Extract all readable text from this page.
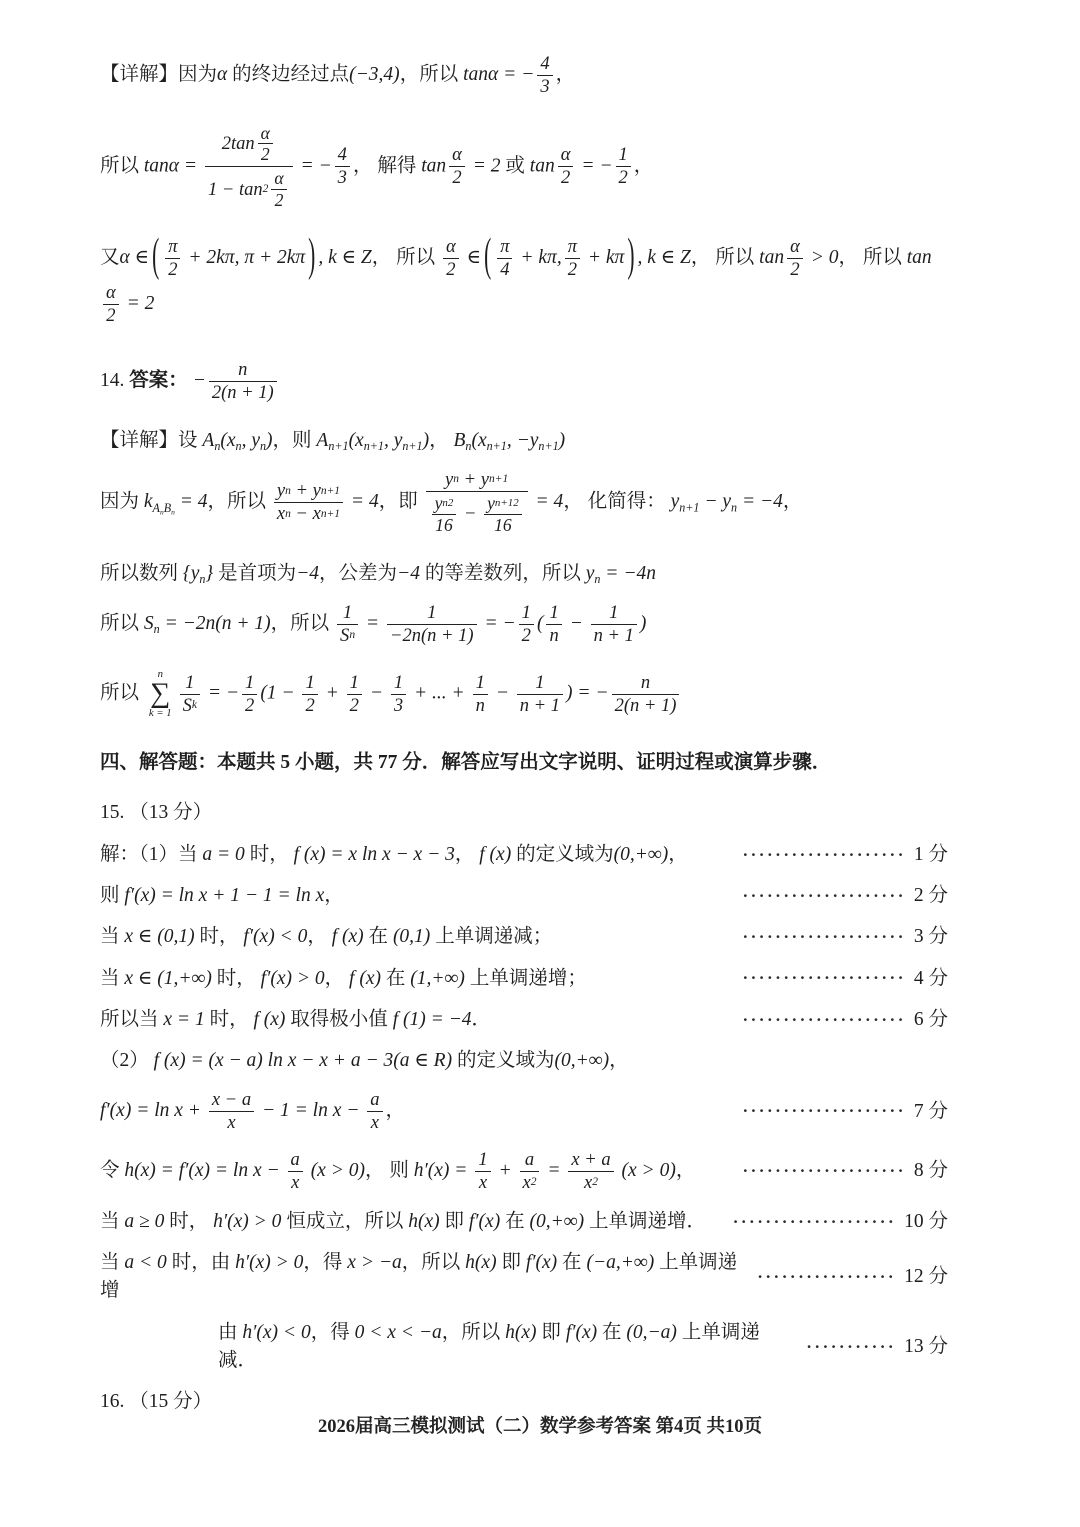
【详解】因为α 的终边经过点(−3,4)，所以 tanα = − $\frac{4}{3}$ ，
所以 $\tan\alpha = \frac{2\tan \frac{\alpha}{2}}{1 - \tan 2 \frac{\alpha}{2}}$ = − $\frac{4}{3}$ ， 解得 $\tan \frac{\alpha}{2} = 2$ 或 $\tan \frac{\alpha}{2}$ = − $\frac{1}{2}$ ，
又α ∈ ( $\frac{\pi}{2} + 2k\pi$, π + 2kπ ) , k ∈ Z， 所以 $\frac{\alpha}{2}$ ∈ ( $\frac{\pi}{4} + k\pi$, $\frac{\pi}{2} + k\pi$ ) , k ∈ Z， 所以 $\tan \frac{\alpha}{2} > 0$， 所以 tan
$\frac{\alpha}{2} = 2$
14. 答案： − $\frac{n}{2(n + 1)}$
【详解】设 $A_n(x_n$, $y_n$)，则 $A_{n+1}(x_{n+1}$, $y_{n+1}$)， $B_n(x_{n+1}$, $-y_{n+1}$)
因为 $k_{A_nB_n} = 4$，所以 $\frac{\text{y n + y n+1}}{\text{x n − x n+1}} = 4$，即 $\frac{\text{y n + y n+1}}{\frac{\text{y n 2}}{16} - \frac{\text{y n+1 2}}{16}} = 4$， 化简得： $y_{n+1} - y_n = -4$，
所以数列 $\{y_n\}$ 是首项为−4，公差为−4 的等差数列，所以 $y_n = -4n$
所以 $S_n = -2n(n + 1)$，所以 $\frac{1}{\text{S n}} = \frac{1}{-2n(n + 1)}$ = − $\frac{1}{2}$ ( $\frac{1}{n} - \frac{1}{n + 1}$ )
所以
n
∑
$k = 1 \frac{1}{\text{S k}}$ = − $\frac{1}{2} (1 - \frac{1}{2} + \frac{1}{2} - \frac{1}{3}$ + ... + $\frac{1}{n} - \frac{1}{n + 1}$ ) = − $\frac{n}{2(n + 1)}$
四、解答题：本题共 5 小题，共 77 分．解答应写出文字说明、证明过程或演算步骤．
15. （13 分）
解：（1）当 a = 0 时， f (x) = x ln x − x − 3， f (x) 的定义域为(0,+∞)，	···················· 1 分
则 f′(x) = ln x + 1 − 1 = ln x，	···················· 2 分
当 x ∈ (0,1) 时， f′(x) < 0， f (x) 在 (0,1) 上单调递减；	···················· 3 分
当 x ∈ (1,+∞) 时， f′(x) > 0， f (x) 在 (1,+∞) 上单调递增；	···················· 4 分
所以当 x = 1 时， f (x) 取得极小值 f (1) = −4．	···················· 6 分
（2） f (x) = (x − a) ln x − x + a − 3(a ∈ R) 的定义域为(0,+∞)，
$f'(x) = \ln x + \frac{x - a}{x} - 1 = \ln x - \frac{a}{x}$ ，	···················· 7 分
令 $h(x) = f'(x) = \ln x - \frac{a}{x} (x > 0)$， 则 $h'(x) = \frac{1}{x} + \frac{a}{x 2} = \frac{x + a}{x 2} (x > 0)$，	···················· 8 分
当 a ≥ 0 时， h′(x) > 0 恒成立，所以 h(x) 即 f′(x) 在 (0,+∞) 上单调递增． ···················· 10 分
当 a < 0 时，由 h′(x) > 0，得 x > −a，所以 h(x) 即 f′(x) 在 (−a,+∞) 上单调递增
················· 12 分
由 h′(x) < 0，得 0 < x < −a，所以 h(x) 即 f′(x) 在 (0,−a) 上单调递减．
··········· 13 分
16. （15 分）
2026届高三模拟测试（二）数学参考答案 第4页 共10页
